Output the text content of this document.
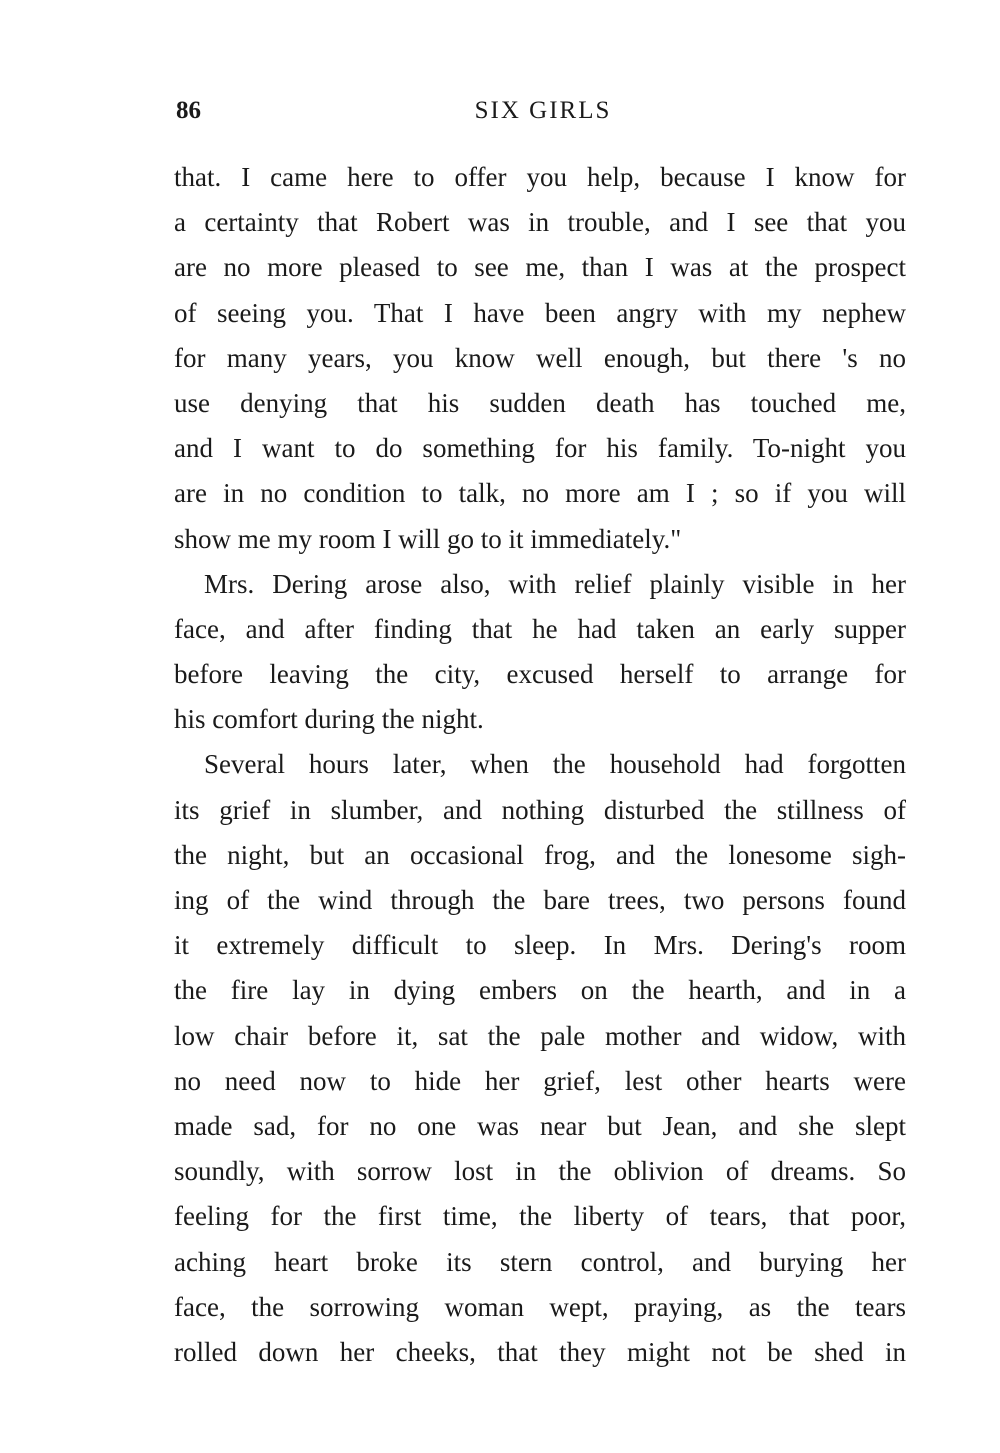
86	SIX GIRLS
that. I came here to offer you help, because I know for
a certainty that Robert was in trouble, and I see that you
are no more pleased to see me, than I was at the prospect
of seeing you. That I have been angry with my nephew
for many years, you know well enough, but there 's no
use denying that his sudden death has touched me,
and I want to do something for his family. To-night you
are in no condition to talk, no more am I ; so if you will
show me my room I will go to it immediately."
Mrs. Dering arose also, with relief plainly visible in her
face, and after finding that he had taken an early supper
before leaving the city, excused herself to arrange for
his comfort during the night.
Several hours later, when the household had forgotten
its grief in slumber, and nothing disturbed the stillness of
the night, but an occasional frog, and the lonesome sigh-
ing of the wind through the bare trees, two persons found
it extremely difficult to sleep. In Mrs. Dering's room
the fire lay in dying embers on the hearth, and in a
low chair before it, sat the pale mother and widow, with
no need now to hide her grief, lest other hearts were
made sad, for no one was near but Jean, and she slept
soundly, with sorrow lost in the oblivion of dreams. So
feeling for the first time, the liberty of tears, that poor,
aching heart broke its stern control, and burying her
face, the sorrowing woman wept, praying, as the tears
rolled down her cheeks, that they might not be shed in
